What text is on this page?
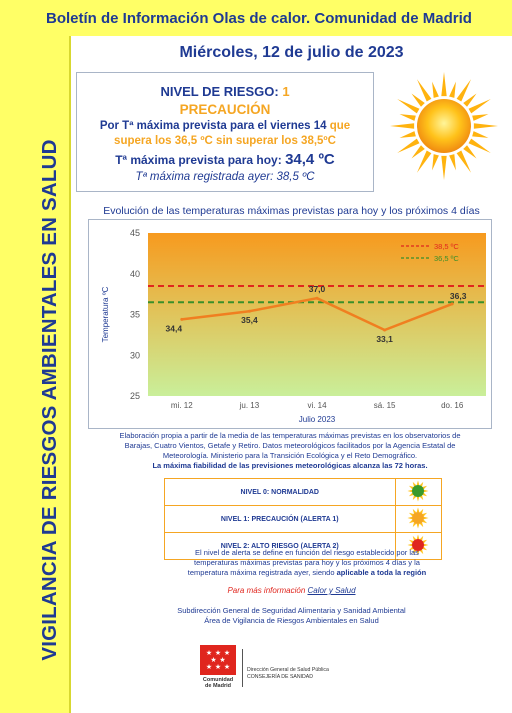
VIGILANCIA DE RIESGOS AMBIENTALES EN SALUD
Boletín de Información Olas de calor. Comunidad de Madrid
Miércoles, 12 de julio de 2023
NIVEL DE RIESGO: 1
PRECAUCIÓN
Por Tª máxima prevista para el viernes 14 que
supera los 36,5 ºC sin superar los 38,5ºC
Tª máxima prevista para hoy: 34,4 ºC
Tª máxima registrada ayer: 38,5 ºC
Evolución de las temperaturas máximas previstas para hoy y los próximos 4 días
25
30
35
40
45
Temperatura ºC
mi. 12	ju. 13	vi. 14	sá. 15	do. 16
Julio 2023
38,5 ºC
36,5 ºC
34,4
35,4
37,0
33,1
36,3
Elaboración propia a partir de la media de las temperaturas máximas previstas en los observatorios de
Barajas, Cuatro Vientos, Getafe y Retiro. Datos meteorológicos facilitados por la Agencia Estatal de
Meteorología. Ministerio para la Transición Ecológica y el Reto Demográfico.
La máxima fiabilidad de las previsiones meteorológicas alcanza las 72 horas.
NIVEL 0: NORMALIDAD	
NIVEL 1: PRECAUCIÓN (ALERTA 1)	
NIVEL 2: ALTO RIESGO (ALERTA 2)	
El nivel de alerta se define en función del riesgo establecido por las
temperaturas máximas previstas para hoy y los próximos 4 días y la
temperatura máxima registrada ayer, siendo aplicable a toda la región
Para más información Calor y Salud
Subdirección General de Seguridad Alimentaria y Sanidad Ambiental
Área de Vigilancia de Riesgos Ambientales en Salud
★ ★ ★
★ ★
★ ★ ★
Comunidad
de Madrid
Dirección General de Salud Pública
CONSEJERÍA DE SANIDAD
